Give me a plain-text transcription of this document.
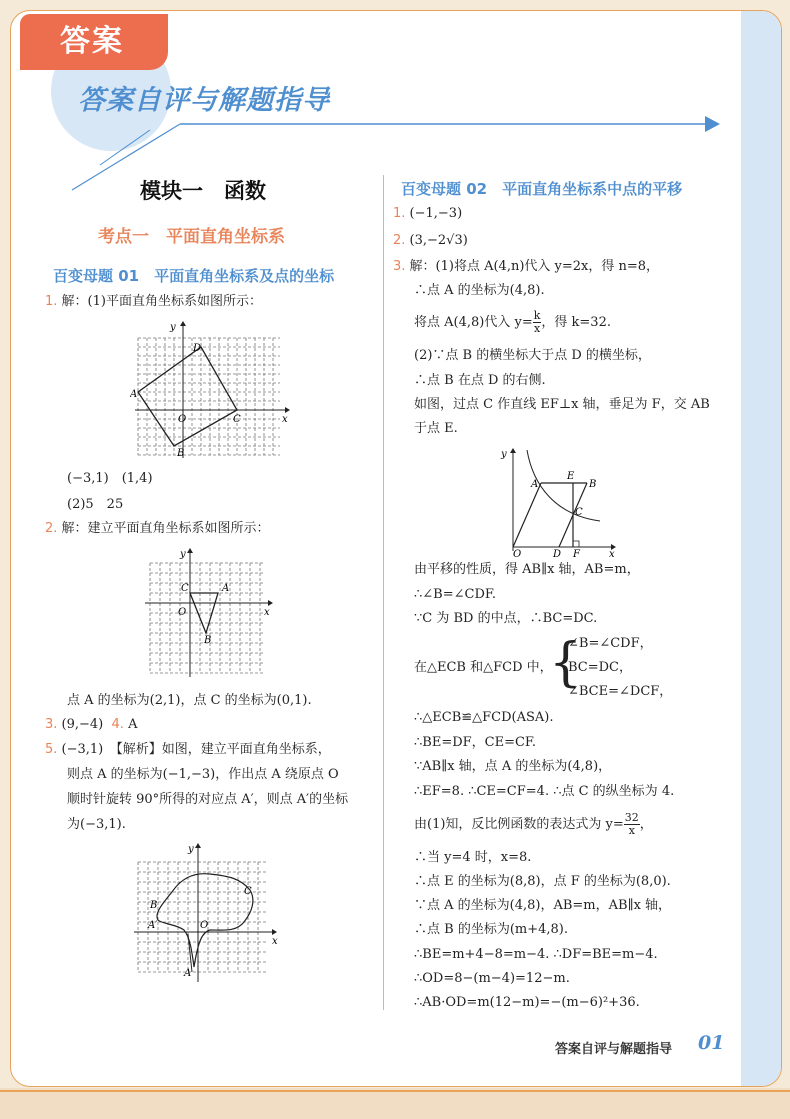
答案
答案自评与解题指导
模块一　函数
考点一　平面直角坐标系
百变母题 01　平面直角坐标系及点的坐标
1. 解：(1)平面直角坐标系如图所示：
y
x
O
A
B
C
D
(−3,1)　(1,4)
(2)5　25
2. 解：建立平面直角坐标系如图所示：
y
x
O
A
B
C
点 A 的坐标为(2,1)，点 C 的坐标为(0,1).
3. (9,−4) 4. A
5. (−3,1)　【解析】如图，建立平面直角坐标系，
则点 A 的坐标为(−1,−3)，作出点 A 绕原点 O
顺时针旋转 90°所得的对应点 A′，则点 A′的坐标
为(−3,1).
y
x
O
A
A′
B
C
百变母题 02　平面直角坐标系中点的平移
1. (−1,−3)
2. (3,−2√3)
3. 解：(1)将点 A(4,n)代入 y=2x，得 n=8，
∴点 A 的坐标为(4,8).
将点 A(4,8)代入 $y= \frac{k}{x}$ ，得 k=32.
(2)∵点 B 的横坐标大于点 D 的横坐标，
∴点 B 在点 D 的右侧.
如图，过点 C 作直线 EF⊥x 轴，垂足为 F，交 AB
于点 E.
y
x
O
A	B
C
D
E
F
由平移的性质，得 AB∥x 轴，AB=m，
∴∠B=∠CDF.
∵C 为 BD 的中点，∴BC=DC.
在△ECB 和△FCD 中，
{
∠B=∠CDF，
BC=DC，
∠BCE=∠DCF，
∴△ECB≌△FCD(ASA).
∴BE=DF，CE=CF.
∵AB∥x 轴，点 A 的坐标为(4,8)，
∴EF=8. ∴CE=CF=4. ∴点 C 的纵坐标为 4.
由(1)知，反比例函数的表达式为 $y= \frac{32}{x}$ ，
∴当 y=4 时，x=8.
∴点 E 的坐标为(8,8)，点 F 的坐标为(8,0).
∵点 A 的坐标为(4,8)，AB=m，AB∥x 轴，
∴点 B 的坐标为(m+4,8).
∴BE=m+4−8=m−4. ∴DF=BE=m−4.
∴OD=8−(m−4)=12−m.
∴AB·OD=m(12−m)=−(m−6)²+36.
答案自评与解题指导 01
